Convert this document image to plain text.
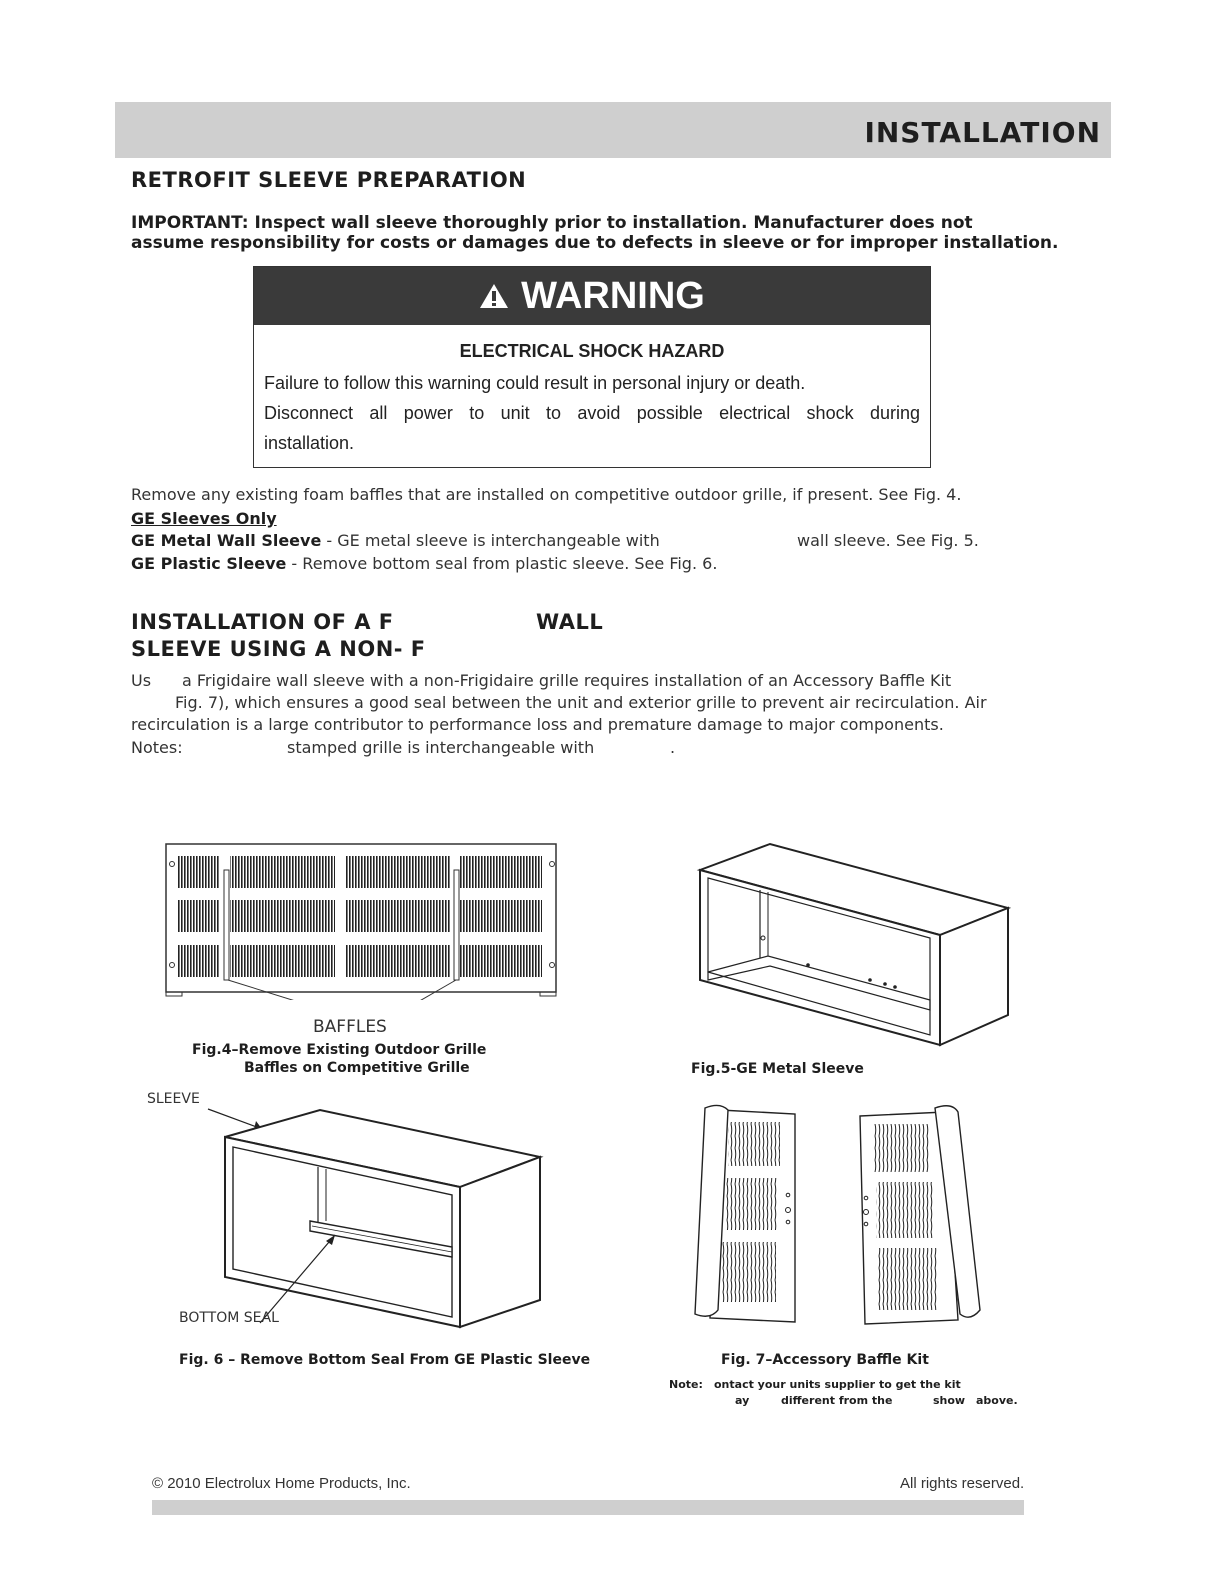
INSTALLATION
RETROFIT SLEEVE PREPARATION
IMPORTANT: Inspect wall sleeve thoroughly prior to installation. Manufacturer does not
assume responsibility for costs or damages due to defects in sleeve or for improper installation.
WARNING
ELECTRICAL SHOCK HAZARD
Failure to follow this warning could result in personal injury or death.
Disconnect all power to unit to avoid possible electrical shock during
installation.
Remove any existing foam baffles that are installed on competitive outdoor grille, if present. See Fig. 4.
GE Sleeves Only
GE Metal Wall Sleeve - GE metal sleeve is interchangeable with	wall sleeve. See Fig. 5.
GE Plastic Sleeve - Remove bottom seal from plastic sleeve. See Fig. 6.
INSTALLATION OF A F	WALL
SLEEVE USING A NON- F
Us a Frigidaire wall sleeve with a non-Frigidaire grille requires installation of an Accessory Baffle Kit
Fig. 7), which ensures a good seal between the unit and exterior grille to prevent air recirculation. Air
recirculation is a large contributor to performance loss and premature damage to major components.
Notes:	stamped grille is interchangeable with	.
BAFFLES
Fig.4–Remove Existing Outdoor Grille
Baffles on Competitive Grille	Fig.5-GE Metal Sleeve
SLEEVE
BOTTOM SEAL
Fig. 6 – Remove Bottom Seal From GE Plastic Sleeve	Fig. 7–Accessory Baffle Kit
Note: ontact your units supplier to get the kit
ay	different from the	show above.
© 2010 Electrolux Home Products, Inc.	All rights reserved.
